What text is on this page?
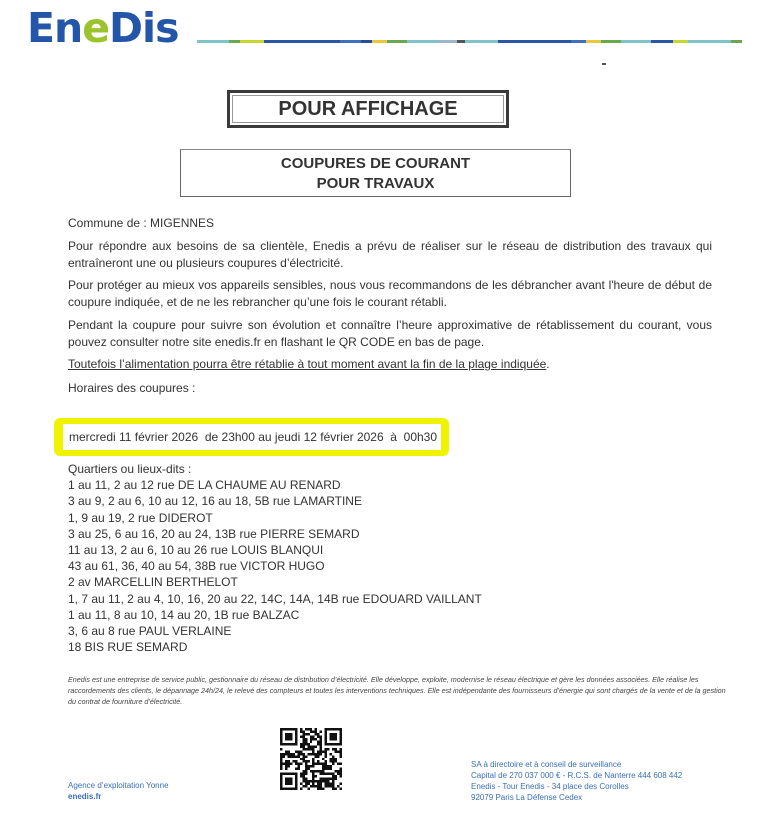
En e Dis
POUR AFFICHAGE
COUPURES DE COURANT
POUR TRAVAUX
Commune de : MIGENNES
Pour répondre aux besoins de sa clientèle, Enedis a prévu de réaliser sur le réseau de distribution des travaux qui entraîneront une ou plusieurs coupures d’électricité.
Pour protéger au mieux vos appareils sensibles, nous vous recommandons de les débrancher avant l'heure de début de coupure indiquée, et de ne les rebrancher qu’une fois le courant rétabli.
Pendant la coupure pour suivre son évolution et connaître l’heure approximative de rétablissement du courant, vous pouvez consulter notre site enedis.fr en flashant le QR CODE en bas de page.
Toutefois l’alimentation pourra être rétablie à tout moment avant la fin de la plage indiquée.
Horaires des coupures :
mercredi 11 février 2026  de 23h00 au jeudi 12 février 2026  à  00h30
Quartiers ou lieux-dits :
1 au 11, 2 au 12 rue DE LA CHAUME AU RENARD
3 au 9, 2 au 6, 10 au 12, 16 au 18, 5B rue LAMARTINE
1, 9 au 19, 2 rue DIDEROT
3 au 25, 6 au 16, 20 au 24, 13B rue PIERRE SEMARD
11 au 13, 2 au 6, 10 au 26 rue LOUIS BLANQUI
43 au 61, 36, 40 au 54, 38B rue VICTOR HUGO
2 av MARCELLIN BERTHELOT
1, 7 au 11, 2 au 4, 10, 16, 20 au 22, 14C, 14A, 14B rue EDOUARD VAILLANT
1 au 11, 8 au 10, 14 au 20, 1B rue BALZAC
3, 6 au 8 rue PAUL VERLAINE
18 BIS RUE SEMARD
Enedis est une entreprise de service public, gestionnaire du réseau de distribution d’électricité. Elle développe, exploite, modernise le réseau électrique et gère les données associées. Elle réalise les raccordements des clients, le dépannage 24h/24, le relevé des compteurs et toutes les interventions techniques. Elle est indépendante des fournisseurs d’énergie qui sont chargés de la vente et de la gestion du contrat de fourniture d’électricité.
Agence d’exploitation Yonne
enedis.fr
SA à directoire et à conseil de surveillance
Capital de 270 037 000 € - R.C.S. de Nanterre 444 608 442
Enedis - Tour Enedis - 34 place des Corolles
92079 Paris La Défense Cedex
